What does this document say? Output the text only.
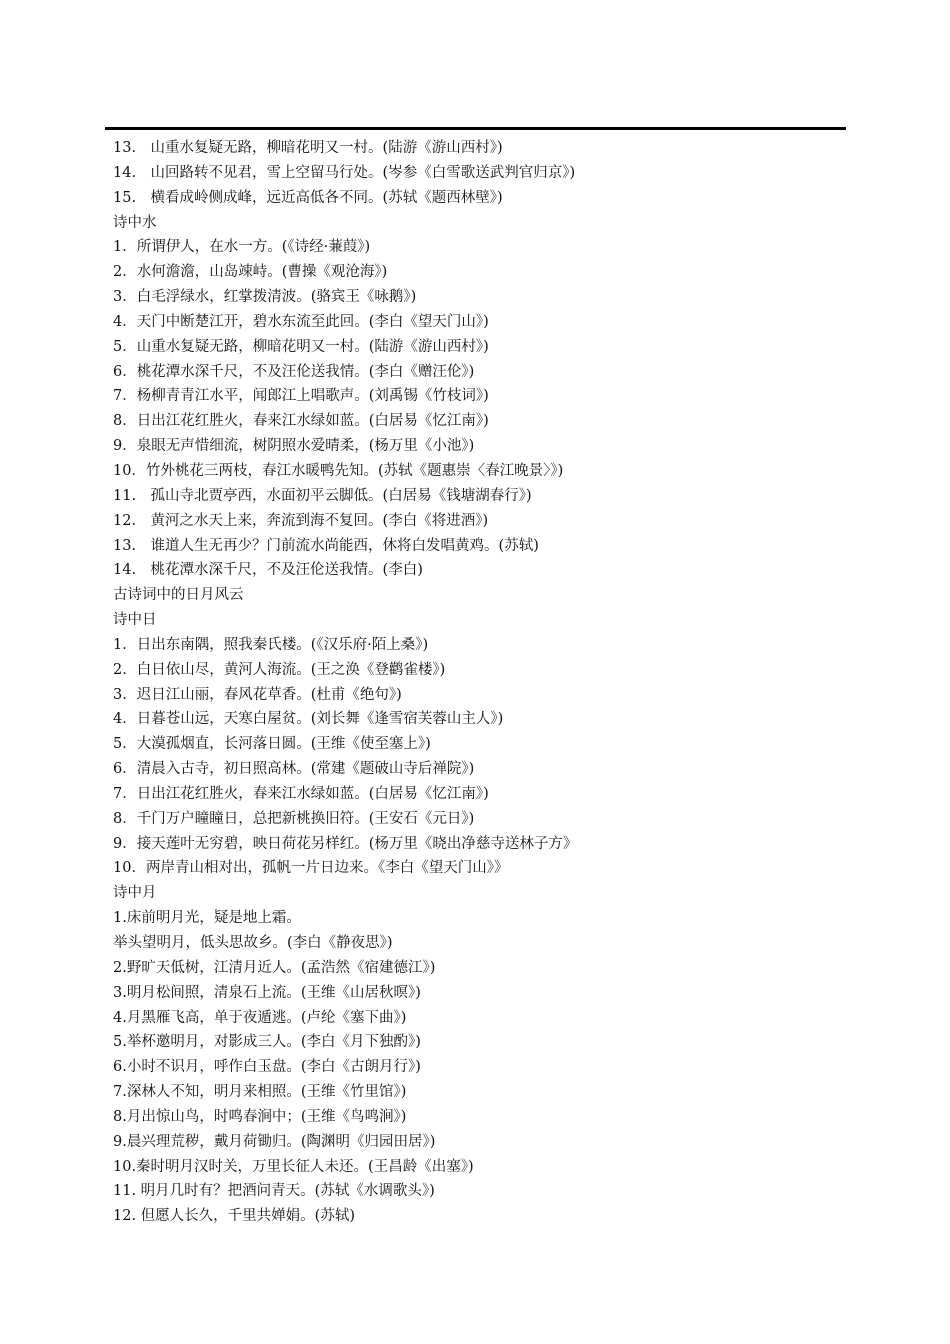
13.　山重水复疑无路，柳暗花明又一村。(陆游《游山西村》)
14.　山回路转不见君，雪上空留马行处。(岑参《白雪歌送武判官归京》)
15.　横看成岭侧成峰，远近高低各不同。(苏轼《题西林壁》)
诗中水
1．所谓伊人，在水一方。(《诗经·蒹葭》)
2．水何澹澹，山岛竦峙。(曹操《观沧海》)
3．白毛浮绿水，红掌拨清波。(骆宾王《咏鹅》)
4．天门中断楚江开，碧水东流至此回。(李白《望天门山》)
5．山重水复疑无路，柳暗花明又一村。(陆游《游山西村》)
6．桃花潭水深千尺，不及汪伦送我情。(李白《赠汪伦》)
7．杨柳青青江水平，闻郎江上唱歌声。(刘禹锡《竹枝词》)
8．日出江花红胜火，春来江水绿如蓝。(白居易《忆江南》)
9．泉眼无声惜细流，树阴照水爱晴柔，(杨万里《小池》)
10．竹外桃花三两枝，春江水暖鸭先知。(苏轼《题惠崇〈春江晚景〉》)
11.　孤山寺北贾亭西，水面初平云脚低。(白居易《钱塘湖春行》)
12.　黄河之水天上来，奔流到海不复回。(李白《将进酒》)
13.　谁道人生无再少？门前流水尚能西，休将白发唱黄鸡。(苏轼)
14.　桃花潭水深千尺，不及汪伦送我情。(李白)
古诗词中的日月风云
诗中日
1．日出东南隅，照我秦氏楼。(《汉乐府·陌上桑》)
2．白日依山尽，黄河人海流。(王之涣《登鹳雀楼》)
3．迟日江山丽，春风花草香。(杜甫《绝句》)
4．日暮苍山远，天寒白屋贫。(刘长舞《逢雪宿芙蓉山主人》)
5．大漠孤烟直，长河落日圆。(王维《使至塞上》)
6．清晨入古寺，初日照高林。(常建《题破山寺后禅院》)
7．日出江花红胜火，春来江水绿如蓝。(白居易《忆江南》)
8．千门万户瞳瞳日，总把新桃换旧符。(王安石《元日》)
9．接天莲叶无穷碧，映日荷花另样红。(杨万里《晓出净慈寺送林子方》
10．两岸青山相对出，孤帆一片日边来。《李白《望天门山》》
诗中月
1.床前明月光，疑是地上霜。
举头望明月，低头思故乡。(李白《静夜思》)
2.野旷天低树，江清月近人。(孟浩然《宿建德江》)
3.明月松间照，清泉石上流。(王维《山居秋暝》)
4.月黑雁飞高，单于夜遁逃。(卢纶《塞下曲》)
5.举杯邀明月，对影成三人。(李白《月下独酌》)
6.小时不识月，呼作白玉盘。(李白《古朗月行》)
7.深林人不知，明月来相照。(王维《竹里馆》)
8.月出惊山鸟，时鸣春涧中；(王维《鸟鸣涧》)
9.晨兴理荒秽，戴月荷锄归。(陶渊明《归园田居》)
10.秦时明月汉时关，万里长征人未还。(王昌龄《出塞》)
11. 明月几时有？把酒问青天。(苏轼《水调歌头》)
12. 但愿人长久，千里共婵娟。(苏轼)
